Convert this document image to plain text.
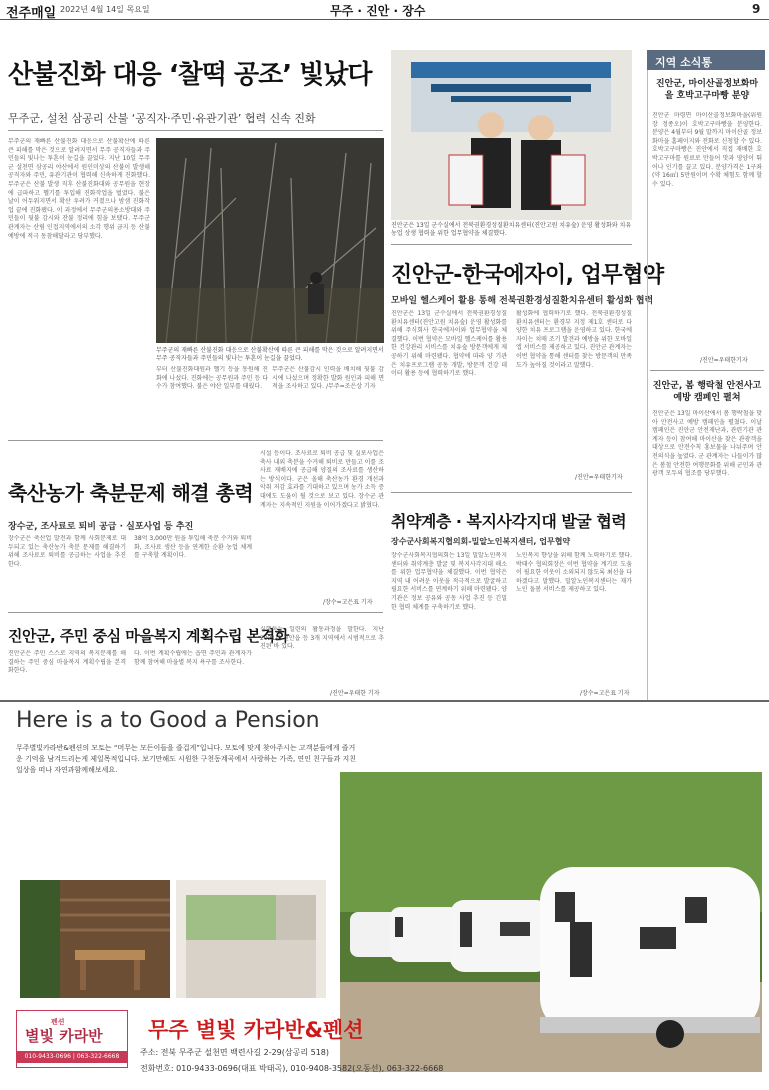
전주매일 2022년 4월 14일 목요일	무주 · 진안 · 장수	9
산불진화 대응 ‘찰떡 공조’ 빛났다
무주군, 설천 삼공리 산불 ‘공직자·주민·유관기관’ 협력 신속 진화
무주군의 재빠른 산불진화 대응으로 산불확산에 따른 큰 피해를 막은 것으로 알려지면서 무주 공직자들과 주민들의 빛나는 투혼이 눈길을 끌었다. 지난 10일 무주군 설천면 삼공리 야산에서 원인미상의 산불이 발생해 공직자와 주민, 유관기관이 협력해 신속하게 진화했다. 무주군은 산불 발생 직후 산불진화대와 공무원을 현장에 급파하고 헬기를 투입해 진화작업을 벌였다. 불은 날이 어두워지면서 확산 우려가 커졌으나 밤샘 진화작업 끝에 진화됐다. 이 과정에서 무주군의용소방대와 주민들이 뒷불 감시와 잔불 정리에 힘을 보탰다. 무주군 관계자는 산림 인접지역에서의 소각 행위 금지 등 산불예방에 적극 동참해달라고 당부했다.
무주군의 재빠른 산불진화 대응으로 산불확산에 따른 큰 피해를 막은 것으로 알려지면서 무주 공직자들과 주민들의 빛나는 투혼이 눈길을 끌었다.
부터 산불진화대원과 헬기 등을 동원해 진화에 나섰다. 진화에는 공무원과 주민 등 다수가 참여했다. 불은 야산 일부를 태웠다.
무주군은 산불감시 인력을 배치해 뒷불 감시에 나섰으며 정확한 발화 원인과 피해 면적을 조사하고 있다. /무주=조은상 기자
진안군은 13일 군수실에서 전북권환경성질환치유센터(진안고원 치유숲) 운영 활성화와 치유농업 상생 협력을 위한 업무협약을 체결했다.
진안군-한국에자이, 업무협약
모바일 헬스케어 활용 통해 전북권환경성질환치유센터 활성화 협력
진안군은 13일 군수실에서 전북권환경성질환치유센터(진안고원 치유숲) 운영 활성화를 위해 주식회사 한국에자이와 업무협약을 체결했다. 이번 협약은 모바일 헬스케어를 활용한 건강관리 서비스를 치유숲 방문객에게 제공하기 위해 마련됐다. 협약에 따라 양 기관은 치유프로그램 공동 개발, 방문객 건강 데이터 활용 등에 협력하기로 했다.
활성화에 협력하기로 했다. 전북권환경성질환치유센터는 환경부 지정 제1호 센터로 다양한 치유 프로그램을 운영하고 있다. 한국에자이는 치매 조기 발견과 예방을 위한 모바일 앱 서비스를 제공하고 있다. 진안군 관계자는 이번 협약을 통해 센터를 찾는 방문객의 만족도가 높아질 것이라고 말했다.
/진안=우태한기자
축산농가 축분문제 해결 총력
장수군, 조사료로 퇴비 공급 · 실포사업 등 추진
장수군은 축산업 발전과 함께 사회문제로 대두되고 있는 축산농가 축분 문제를 해결하기 위해 조사료로 퇴비를 공급하는 사업을 추진한다.
38억 3,000만 원을 투입해 축분 수거와 퇴비화, 조사료 생산 등을 연계한 순환 농업 체계를 구축할 계획이다.
시설 등이다. 조사료로 퇴비 공급 및 실포사업은 축사 내외 축분을 수거해 퇴비로 만들고 이를 조사료 재배지에 공급해 양질의 조사료를 생산하는 방식이다. 군은 올해 축산농가 환경 개선과 악취 저감 효과를 기대하고 있으며 농가 소득 증대에도 도움이 될 것으로 보고 있다. 장수군 관계자는 지속적인 지원을 이어가겠다고 밝혔다.
/장수=고은표 기자
취약계층 · 복지사각지대 발굴 협력
장수군사회복지협의회-밀알노인복지센터, 업무협약
장수군사회복지협의회는 13일 밀알노인복지센터와 취약계층 발굴 및 복지사각지대 해소를 위한 업무협약을 체결했다. 이번 협약은 지역 내 어려운 이웃을 적극적으로 발굴하고 필요한 서비스를 연계하기 위해 마련됐다. 양 기관은 정보 공유와 공동 사업 추진 등 긴밀한 협력 체계를 구축하기로 했다.
노인복지 향상을 위해 함께 노력하기로 했다. 박태수 협의회장은 이번 협약을 계기로 도움이 필요한 이웃이 소외되지 않도록 최선을 다하겠다고 말했다. 밀알노인복지센터는 재가 노인 돌봄 서비스를 제공하고 있다.
/장수=고은표 기자
진안군, 주민 중심 마을복지 계획수립 본격화
진안군은 주민 스스로 지역의 복지문제를 해결하는 주민 중심 마을복지 계획수립을 본격화한다.
다. 이번 계획수립에는 읍면 주민과 관계자가 함께 참여해 마을별 복지 욕구를 조사한다.
실행하는 일련의 활동과정을 말한다. 지난 2021년 진안읍 등 3개 지역에서 시범적으로 추진된 바 있다.
/진안=우태한 기자
지역 소식통
진안군, 마이산골정보화마을 호박고구마빵 분양
진안군 마령면 마이산골정보화마을(위원장 정종오)이 호박고구마빵을 분양한다. 분양은 4월부터 9월 말까지 마이산골 정보화마을 홈페이지와 전화로 신청할 수 있다. 호박고구마빵은 진안에서 직접 재배한 호박고구마를 원료로 만들어 맛과 영양이 뛰어나 인기를 끌고 있다. 분양가격은 1구좌(약 16㎡) 5만원이며 수확 체험도 함께 할 수 있다.
/진안=우태한기자
진안군, 봄 행락철 안전사고 예방 캠페인 펼쳐
진안군은 13일 마이산에서 봄 행락철을 맞아 안전사고 예방 캠페인을 펼쳤다. 이날 캠페인은 진안군 안전재난과, 관련기관 관계자 등이 참여해 마이산을 찾은 관광객을 대상으로 안전수칙 홍보물을 나눠주며 안전의식을 높였다. 군 관계자는 나들이가 많은 봄철 안전한 여행문화를 위해 군민과 관광객 모두의 협조를 당부했다.
Here is a to Good a Pension
무주별빛카라반&펜션의 모토는 “머무는 모든이들을 즐겁게”입니다. 모토에 맞게 찾아주시는 고객분들에게 즐거운 기억을 남겨드리는게 제일목적입니다. 보기만해도 시원한 구천동계곡에서 사랑하는 가족, 연인 친구들과 지친 일상을 떠나 자연과함께해보세요.
펜션
별빛 카라반
010-9433-0696 | 063-322-6668
무주 별빛 카라반&펜션
주소: 전북 무주군 설천면 백련사길 2-29(삼공리 518)
전화번호: 010-9433-0696(대표 박태곡), 010-9408-3582(오동선), 063-322-6668
